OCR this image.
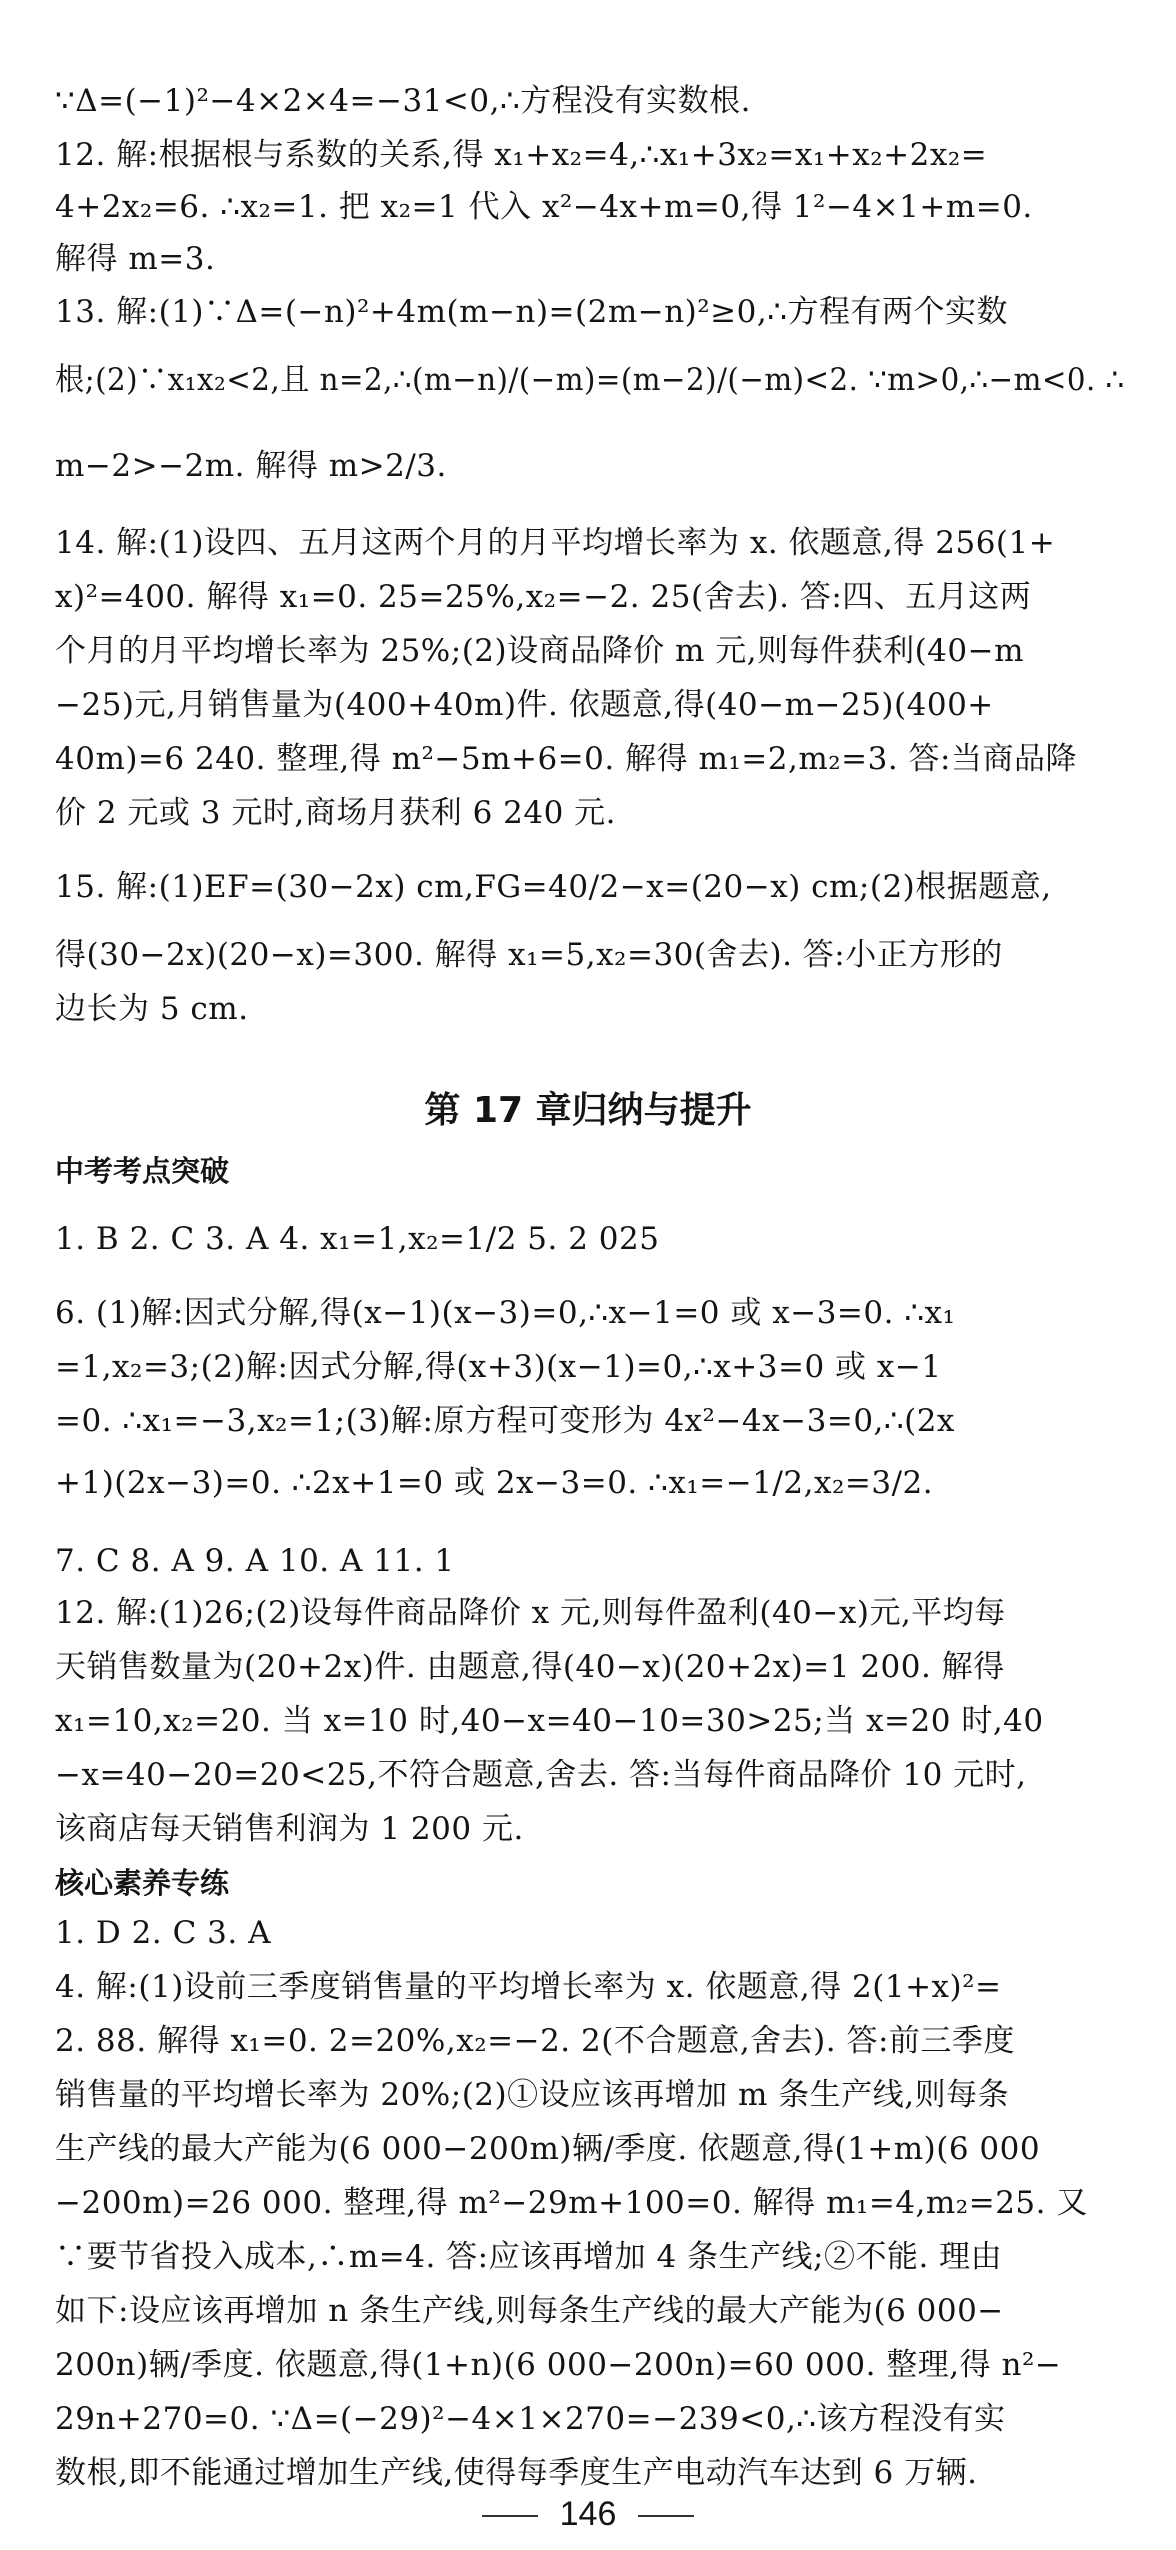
∵Δ=(−1)²−4×2×4=−31<0,∴方程没有实数根.
12. 解:根据根与系数的关系,得 x₁+x₂=4,∴x₁+3x₂=x₁+x₂+2x₂=
4+2x₂=6. ∴x₂=1. 把 x₂=1 代入 x²−4x+m=0,得 1²−4×1+m=0.
解得 m=3.
13. 解:(1)∵Δ=(−n)²+4m(m−n)=(2m−n)²≥0,∴方程有两个实数
根;(2)∵x₁x₂<2,且 n=2,∴(m−n)/(−m)=(m−2)/(−m)<2. ∵m>0,∴−m<0. ∴
m−2>−2m. 解得 m>2/3.
14. 解:(1)设四、五月这两个月的月平均增长率为 x. 依题意,得 256(1+
x)²=400. 解得 x₁=0. 25=25%,x₂=−2. 25(舍去). 答:四、五月这两
个月的月平均增长率为 25%;(2)设商品降价 m 元,则每件获利(40−m
−25)元,月销售量为(400+40m)件. 依题意,得(40−m−25)(400+
40m)=6 240. 整理,得 m²−5m+6=0. 解得 m₁=2,m₂=3. 答:当商品降
价 2 元或 3 元时,商场月获利 6 240 元.
15. 解:(1)EF=(30−2x) cm,FG=40/2−x=(20−x) cm;(2)根据题意,
得(30−2x)(20−x)=300. 解得 x₁=5,x₂=30(舍去). 答:小正方形的
边长为 5 cm.
第 17 章归纳与提升
中考考点突破
1. B 2. C 3. A 4. x₁=1,x₂=1/2 5. 2 025
6. (1)解:因式分解,得(x−1)(x−3)=0,∴x−1=0 或 x−3=0. ∴x₁
=1,x₂=3;(2)解:因式分解,得(x+3)(x−1)=0,∴x+3=0 或 x−1
=0. ∴x₁=−3,x₂=1;(3)解:原方程可变形为 4x²−4x−3=0,∴(2x
+1)(2x−3)=0. ∴2x+1=0 或 2x−3=0. ∴x₁=−1/2,x₂=3/2.
7. C 8. A 9. A 10. A 11. 1
12. 解:(1)26;(2)设每件商品降价 x 元,则每件盈利(40−x)元,平均每
天销售数量为(20+2x)件. 由题意,得(40−x)(20+2x)=1 200. 解得
x₁=10,x₂=20. 当 x=10 时,40−x=40−10=30>25;当 x=20 时,40
−x=40−20=20<25,不符合题意,舍去. 答:当每件商品降价 10 元时,
该商店每天销售利润为 1 200 元.
核心素养专练
1. D 2. C 3. A
4. 解:(1)设前三季度销售量的平均增长率为 x. 依题意,得 2(1+x)²=
2. 88. 解得 x₁=0. 2=20%,x₂=−2. 2(不合题意,舍去). 答:前三季度
销售量的平均增长率为 20%;(2)①设应该再增加 m 条生产线,则每条
生产线的最大产能为(6 000−200m)辆/季度. 依题意,得(1+m)(6 000
−200m)=26 000. 整理,得 m²−29m+100=0. 解得 m₁=4,m₂=25. 又
∵要节省投入成本,∴m=4. 答:应该再增加 4 条生产线;②不能. 理由
如下:设应该再增加 n 条生产线,则每条生产线的最大产能为(6 000−
200n)辆/季度. 依题意,得(1+n)(6 000−200n)=60 000. 整理,得 n²−
29n+270=0. ∵Δ=(−29)²−4×1×270=−239<0,∴该方程没有实
数根,即不能通过增加生产线,使得每季度生产电动汽车达到 6 万辆.
146
